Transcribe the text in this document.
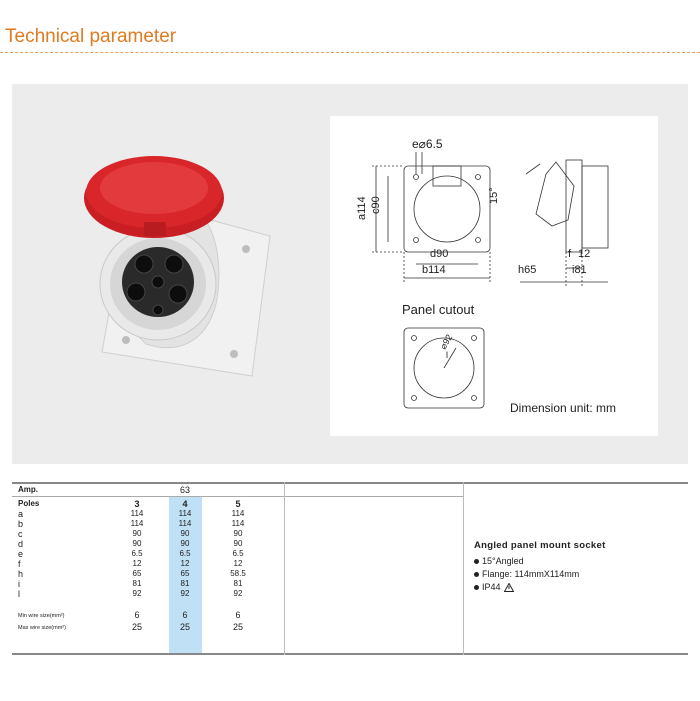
Technical parameter
e⌀6.5
a114 c90
d90
b114
15°
f 12
h65	i81
Panel cutout
⌀92
l
Dimension unit: mm
Amp.	63
Poles	3	4	5
a	114	114	114
b	114	114	114
c	90	90	90
d	90	90	90
e	6.5	6.5	6.5
f	12	12	12
h	65	65	58.5
i	81	81	81
l	92	92	92
Min wire size(mm²)	6	6	6
Max wire size(mm²)	25	25	25
Angled panel mount socket
15°Angled
Flange: 114mmX114mm
IP44
